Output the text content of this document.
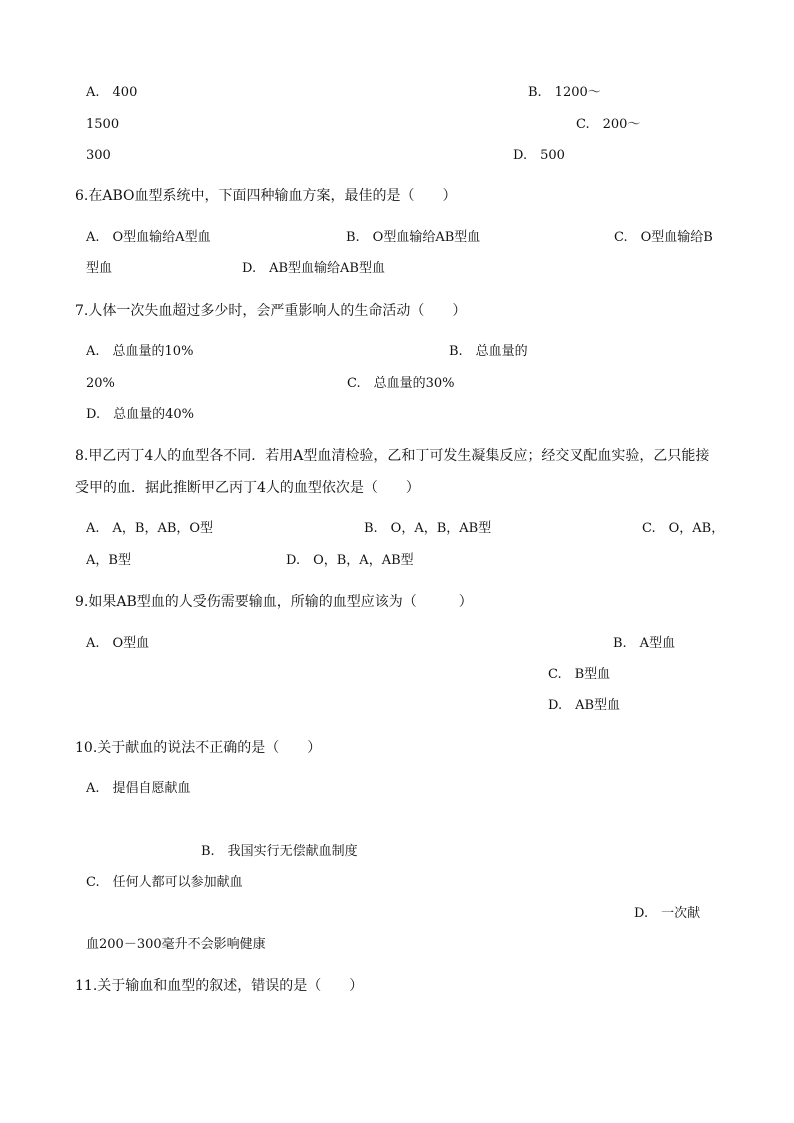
A.　400	B.　1200～
1500	C.　200～
300	D.　500
6.在ABO血型系统中，下面四种输血方案，最佳的是（　　）
A.　O型血输给A型血	B.　O型血输给AB型血	C.　O型血输给B
型血	D.　AB型血输给AB型血
7.人体一次失血超过多少时，会严重影响人的生命活动（　　）
A.　总血量的10%	B.　总血量的
20%	C.　总血量的30%
D.　总血量的40%
8.甲乙丙丁4人的血型各不同．若用A型血清检验，乙和丁可发生凝集反应；经交叉配血实验，乙只能接
受甲的血．据此推断甲乙丙丁4人的血型依次是（　　）
A.　A，B，AB，O型	B.　O，A，B，AB型	C.　O，AB，
A，B型	D.　O，B，A，AB型
9.如果AB型血的人受伤需要输血，所输的血型应该为（　　　）
A.　O型血	B.　A型血
C.　B型血
D.　AB型血
10.关于献血的说法不正确的是（　　）
A.　提倡自愿献血
B.　我国实行无偿献血制度
C.　任何人都可以参加献血
D.　一次献
血200－300毫升不会影响健康
11.关于输血和血型的叙述，错误的是（　　）
